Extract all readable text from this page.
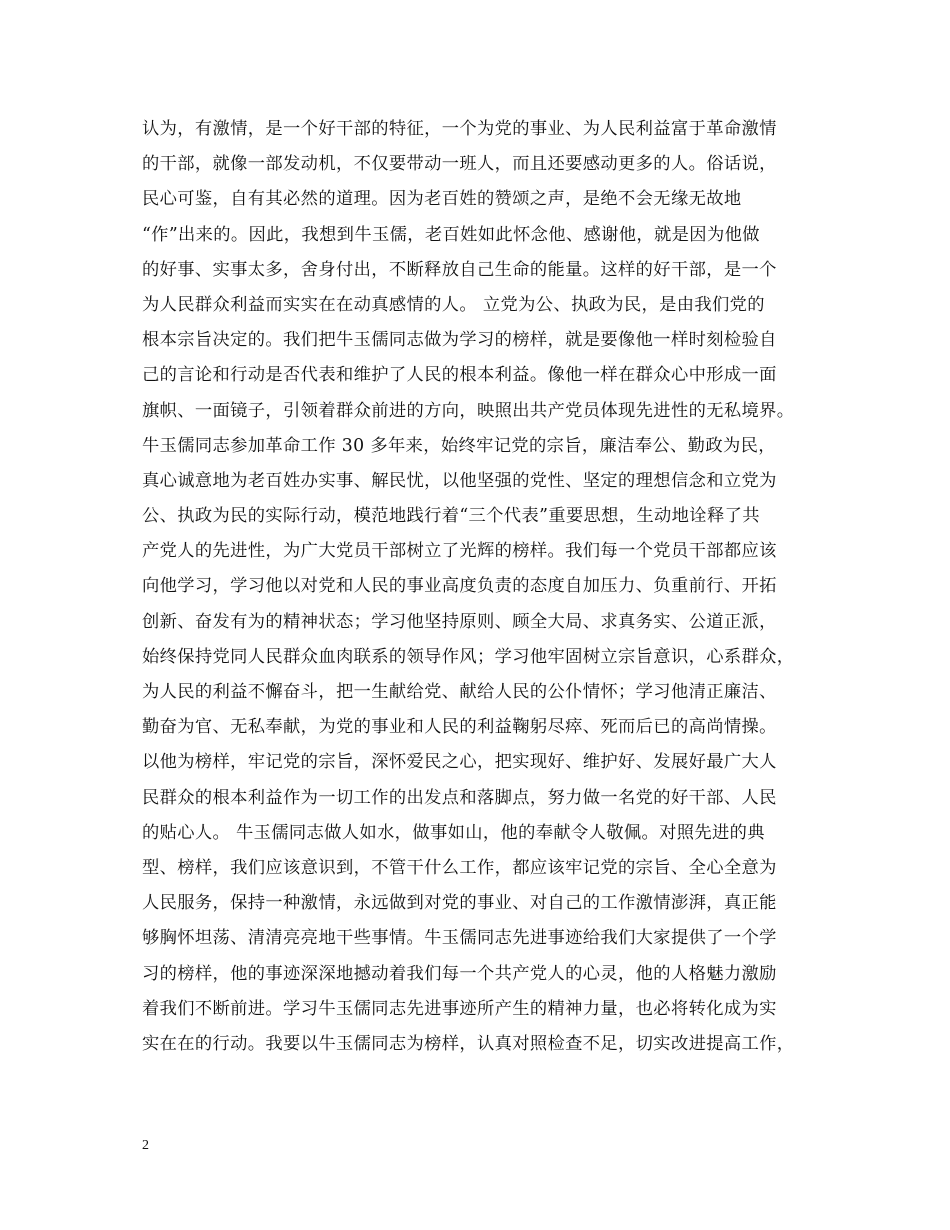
认为，有激情，是一个好干部的特征，一个为党的事业、为人民利益富于革命激情
的干部，就像一部发动机，不仅要带动一班人，而且还要感动更多的人。俗话说，
民心可鉴，自有其必然的道理。因为老百姓的赞颂之声，是绝不会无缘无故地
“作”出来的。因此，我想到牛玉儒，老百姓如此怀念他、感谢他，就是因为他做
的好事、实事太多，舍身付出，不断释放自己生命的能量。这样的好干部，是一个
为人民群众利益而实实在在动真感情的人。 立党为公、执政为民，是由我们党的
根本宗旨决定的。我们把牛玉儒同志做为学习的榜样，就是要像他一样时刻检验自
己的言论和行动是否代表和维护了人民的根本利益。像他一样在群众心中形成一面
旗帜、一面镜子，引领着群众前进的方向，映照出共产党员体现先进性的无私境界。
牛玉儒同志参加革命工作 30 多年来，始终牢记党的宗旨，廉洁奉公、勤政为民，
真心诚意地为老百姓办实事、解民忧，以他坚强的党性、坚定的理想信念和立党为
公、执政为民的实际行动，模范地践行着“三个代表”重要思想，生动地诠释了共
产党人的先进性，为广大党员干部树立了光辉的榜样。我们每一个党员干部都应该
向他学习，学习他以对党和人民的事业高度负责的态度自加压力、负重前行、开拓
创新、奋发有为的精神状态；学习他坚持原则、顾全大局、求真务实、公道正派，
始终保持党同人民群众血肉联系的领导作风；学习他牢固树立宗旨意识，心系群众，
为人民的利益不懈奋斗，把一生献给党、献给人民的公仆情怀；学习他清正廉洁、
勤奋为官、无私奉献，为党的事业和人民的利益鞠躬尽瘁、死而后已的高尚情操。
以他为榜样，牢记党的宗旨，深怀爱民之心，把实现好、维护好、发展好最广大人
民群众的根本利益作为一切工作的出发点和落脚点，努力做一名党的好干部、人民
的贴心人。 牛玉儒同志做人如水，做事如山，他的奉献令人敬佩。对照先进的典
型、榜样，我们应该意识到，不管干什么工作，都应该牢记党的宗旨、全心全意为
人民服务，保持一种激情，永远做到对党的事业、对自己的工作激情澎湃，真正能
够胸怀坦荡、清清亮亮地干些事情。牛玉儒同志先进事迹给我们大家提供了一个学
习的榜样，他的事迹深深地撼动着我们每一个共产党人的心灵，他的人格魅力激励
着我们不断前进。学习牛玉儒同志先进事迹所产生的精神力量，也必将转化成为实
实在在的行动。我要以牛玉儒同志为榜样，认真对照检查不足，切实改进提高工作，
2
